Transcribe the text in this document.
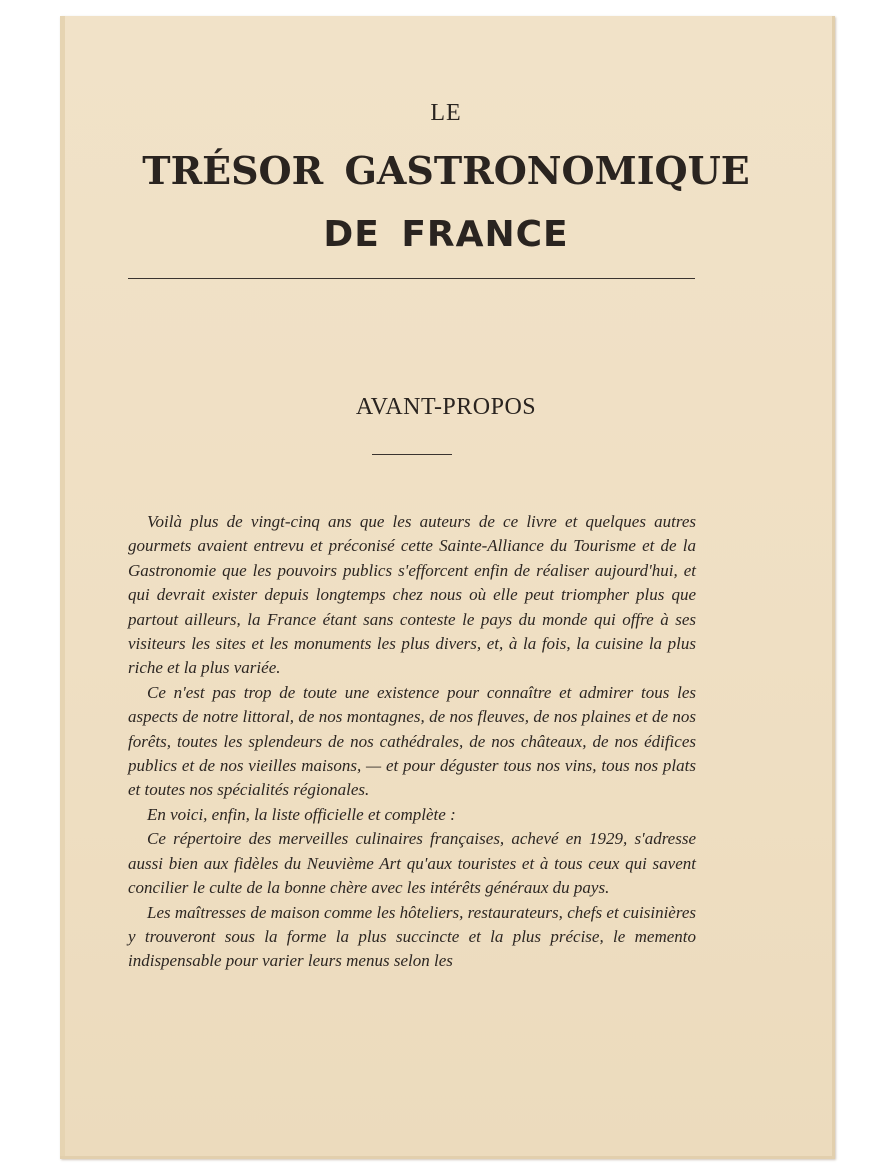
LE
TRÉSOR GASTRONOMIQUE
DE FRANCE
AVANT-PROPOS

Voilà plus de vingt-cinq ans que les auteurs de ce livre et quelques autres gourmets avaient entrevu et préconisé cette Sainte-Alliance du Tourisme et de la Gastronomie que les pouvoirs publics s'efforcent enfin de réaliser aujourd'hui, et qui devrait exister depuis longtemps chez nous où elle peut triompher plus que partout ailleurs, la France étant sans conteste le pays du monde qui offre à ses visiteurs les sites et les monuments les plus divers, et, à la fois, la cuisine la plus riche et la plus variée.

Ce n'est pas trop de toute une existence pour connaître et admirer tous les aspects de notre littoral, de nos montagnes, de nos fleuves, de nos plaines et de nos forêts, toutes les splendeurs de nos cathédrales, de nos châteaux, de nos édifices publics et de nos vieilles maisons, — et pour déguster tous nos vins, tous nos plats et toutes nos spécialités régionales.

En voici, enfin, la liste officielle et complète :

Ce répertoire des merveilles culinaires françaises, achevé en 1929, s'adresse aussi bien aux fidèles du Neuvième Art qu'aux touristes et à tous ceux qui savent concilier le culte de la bonne chère avec les intérêts généraux du pays.

Les maîtresses de maison comme les hôteliers, restaurateurs, chefs et cuisinières y trouveront sous la forme la plus succincte et la plus précise, le memento indispensable pour varier leurs menus selon les
